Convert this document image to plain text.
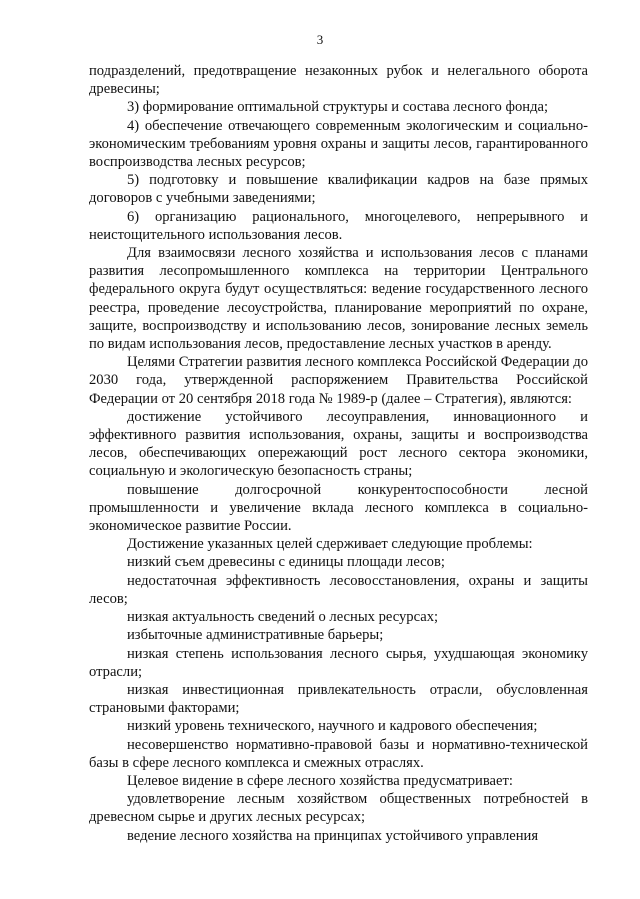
3

подразделений, предотвращение незаконных рубок и нелегального оборота древесины;

3) формирование оптимальной структуры и состава лесного фонда;

4) обеспечение отвечающего современным экологическим и социально-экономическим требованиям уровня охраны и защиты лесов, гарантированного воспроизводства лесных ресурсов;

5) подготовку и повышение квалификации кадров на базе прямых договоров с учебными заведениями;

6) организацию рационального, многоцелевого, непрерывного и неистощительного использования лесов.

Для взаимосвязи лесного хозяйства и использования лесов с планами развития лесопромышленного комплекса на территории Центрального федерального округа будут осуществляться: ведение государственного лесного реестра, проведение лесоустройства, планирование мероприятий по охране, защите, воспроизводству и использованию лесов, зонирование лесных земель по видам использования лесов, предоставление лесных участков в аренду.

Целями Стратегии развития лесного комплекса Российской Федерации до 2030 года, утвержденной распоряжением Правительства Российской Федерации от 20 сентября 2018 года № 1989-р (далее – Стратегия), являются:

достижение устойчивого лесоуправления, инновационного и эффективного развития использования, охраны, защиты и воспроизводства лесов, обеспечивающих опережающий рост лесного сектора экономики, социальную и экологическую безопасность страны;

повышение долгосрочной конкурентоспособности лесной промышленности и увеличение вклада лесного комплекса в социально-экономическое развитие России.

Достижение указанных целей сдерживает следующие проблемы:

низкий съем древесины с единицы площади лесов;

недостаточная эффективность лесовосстановления, охраны и защиты лесов;

низкая актуальность сведений о лесных ресурсах;

избыточные административные барьеры;

низкая степень использования лесного сырья, ухудшающая экономику отрасли;

низкая инвестиционная привлекательность отрасли, обусловленная страновыми факторами;

низкий уровень технического, научного и кадрового обеспечения;

несовершенство нормативно-правовой базы и нормативно-технической базы в сфере лесного комплекса и смежных отраслях.

Целевое видение в сфере лесного хозяйства предусматривает:

удовлетворение лесным хозяйством общественных потребностей в древесном сырье и других лесных ресурсах;

ведение лесного хозяйства на принципах устойчивого управления
